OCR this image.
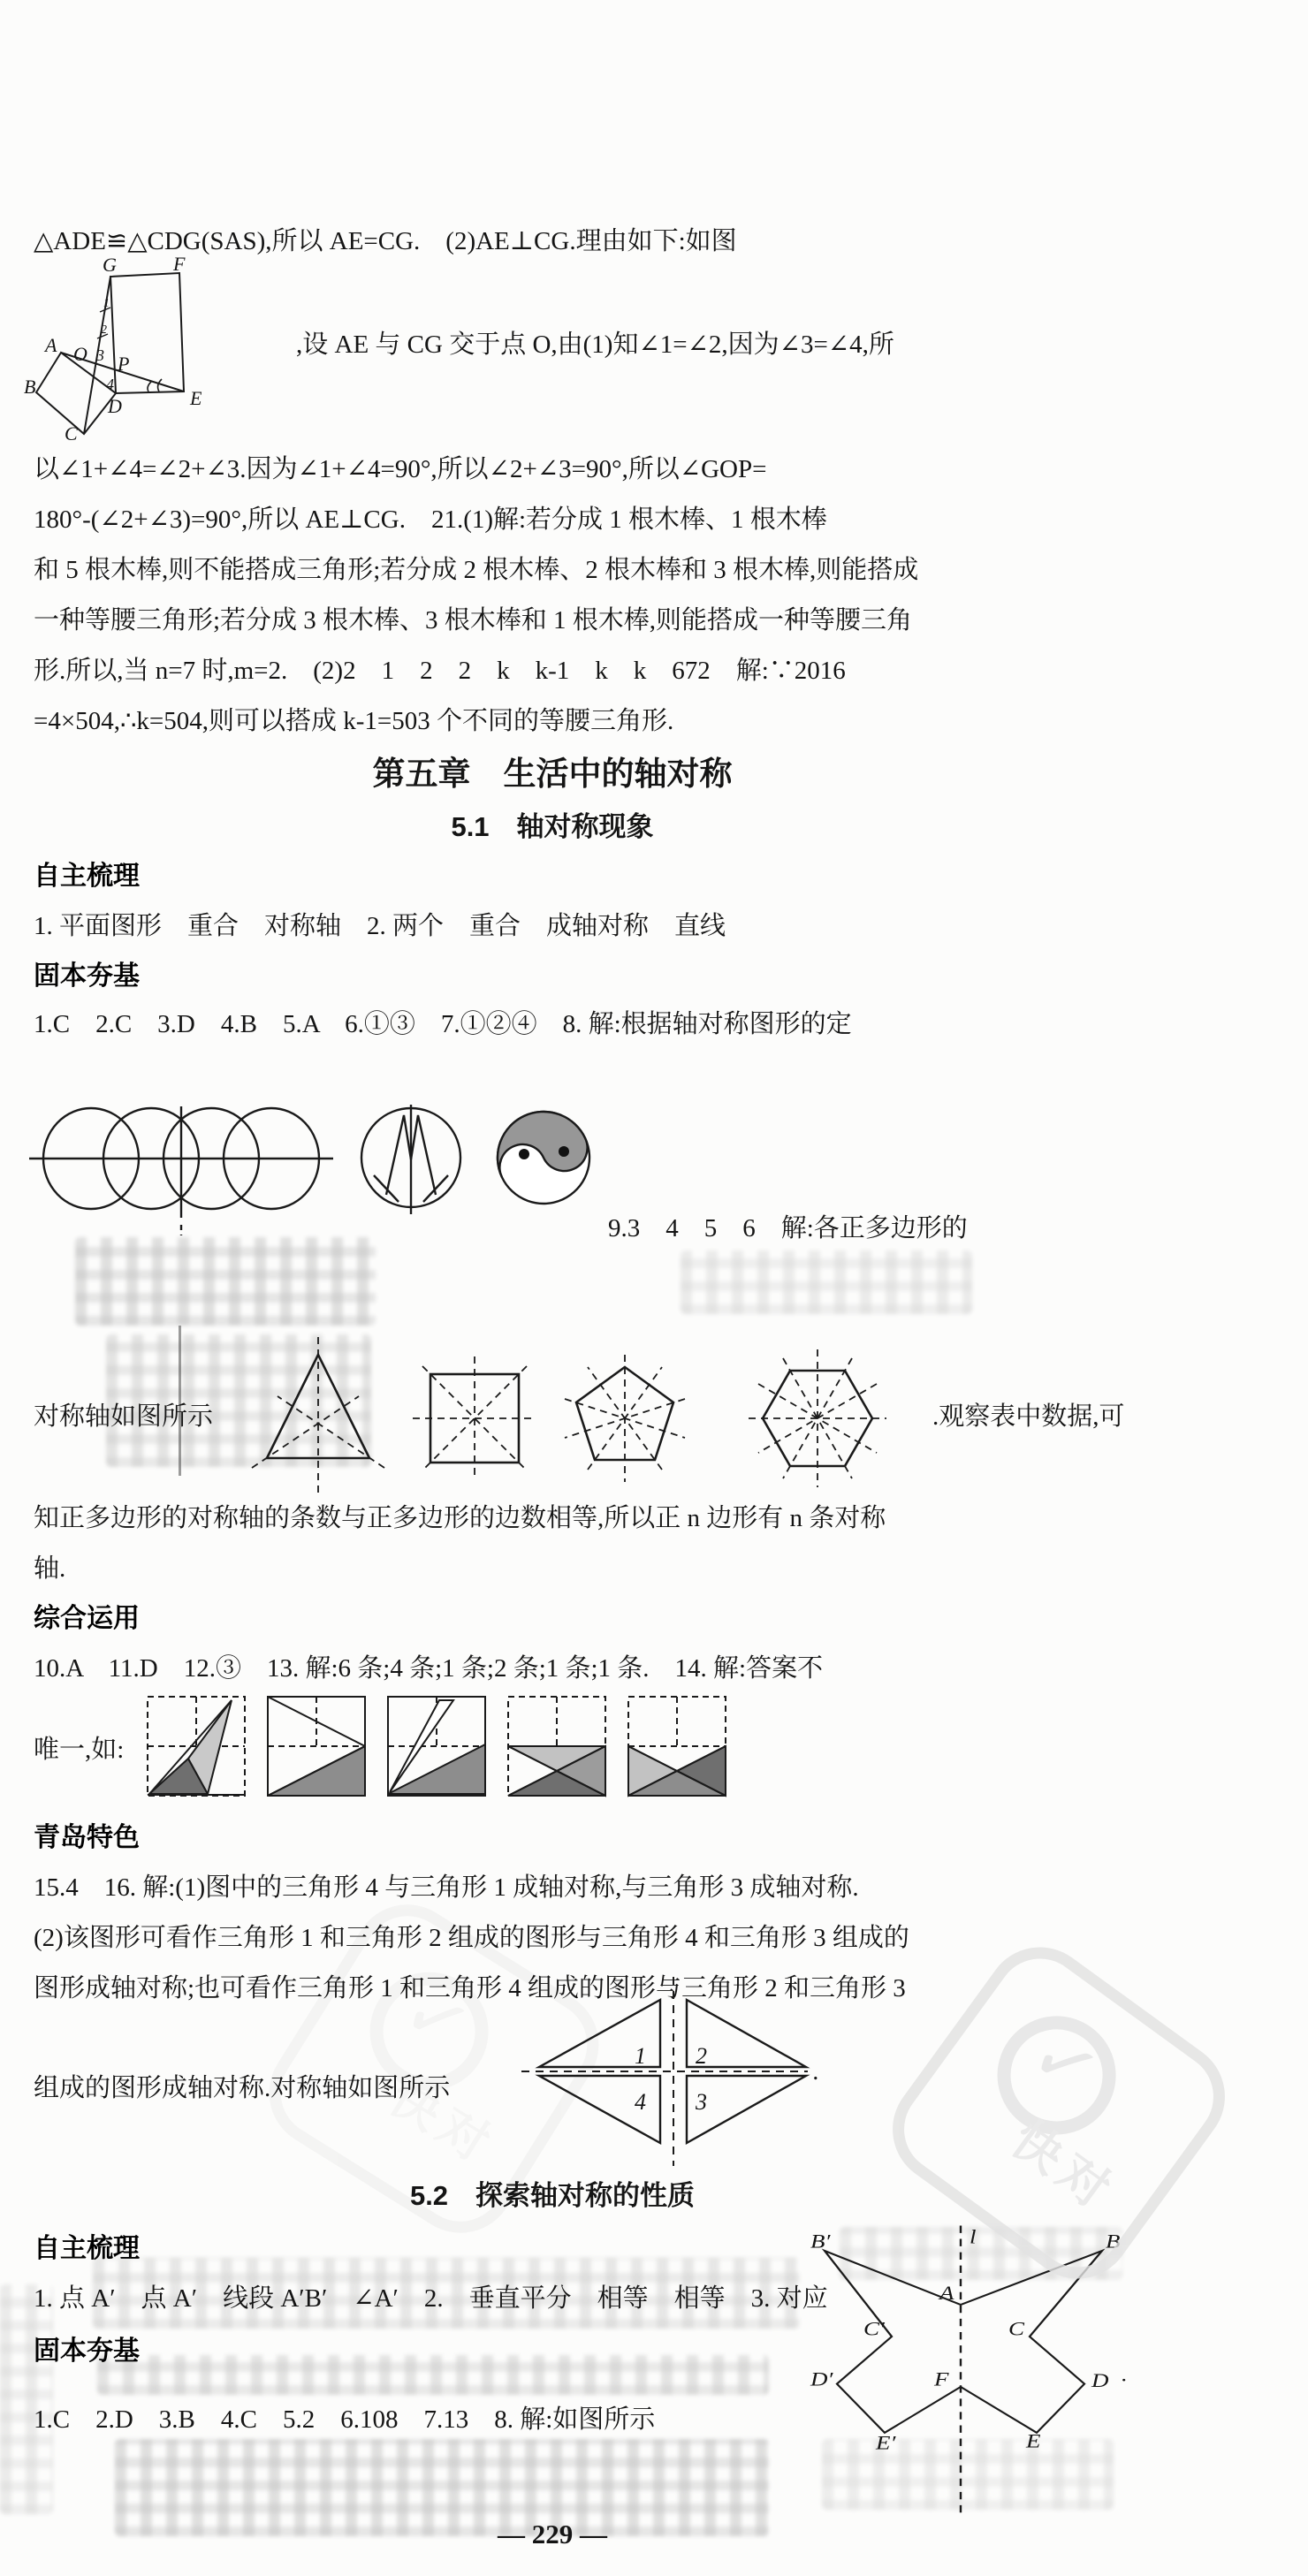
△ADE≌△CDG(SAS),所以 AE=CG.　(2)AE⊥CG.理由如下:如图
G	F
A O 3 P
B	4
D	E
C
1
2
,设 AE 与 CG 交于点 O,由(1)知∠1=∠2,因为∠3=∠4,所
以∠1+∠4=∠2+∠3.因为∠1+∠4=90°,所以∠2+∠3=90°,所以∠GOP=
180°-(∠2+∠3)=90°,所以 AE⊥CG.　21.(1)解:若分成 1 根木棒、1 根木棒
和 5 根木棒,则不能搭成三角形;若分成 2 根木棒、2 根木棒和 3 根木棒,则能搭成
一种等腰三角形;若分成 3 根木棒、3 根木棒和 1 根木棒,则能搭成一种等腰三角
形.所以,当 n=7 时,m=2.　(2)2　1　2　2　k　k-1　k　k　672　解:∵2016
=4×504,∴k=504,则可以搭成 k-1=503 个不同的等腰三角形.
第五章　生活中的轴对称
5.1　轴对称现象
自主梳理
1. 平面图形　重合　对称轴　2. 两个　重合　成轴对称　直线
固本夯基
1.C　2.C　3.D　4.B　5.A　6.①③　7.①②④　8. 解:根据轴对称图形的定
9.3　4　5　6　解:各正多边形的
对称轴如图所示	.观察表中数据,可
知正多边形的对称轴的条数与正多边形的边数相等,所以正 n 边形有 n 条对称
轴.
综合运用
10.A　11.D　12.③　13. 解:6 条;4 条;1 条;2 条;1 条;1 条.　14. 解:答案不
唯一,如:
青岛特色
15.4　16. 解:(1)图中的三角形 4 与三角形 1 成轴对称,与三角形 3 成轴对称.
(2)该图形可看作三角形 1 和三角形 2 组成的图形与三角形 4 和三角形 3 组成的
图形成轴对称;也可看作三角形 1 和三角形 4 组成的图形与三角形 2 和三角形 3
组成的图形成轴对称.对称轴如图所示
1 2
3
4
.
5.2　探索轴对称的性质
自主梳理
1. 点 A′　点 A′　线段 A′B′　∠A′　2.　垂直平分　相等　相等　3. 对应
固本夯基
1.C　2.D　3.B　4.C　5.2　6.108　7.13　8. 解:如图所示
B′	l	B
A
C
C′
D
D′	F
E
E′
.
✓
快对
✓
快对
— 229 —
